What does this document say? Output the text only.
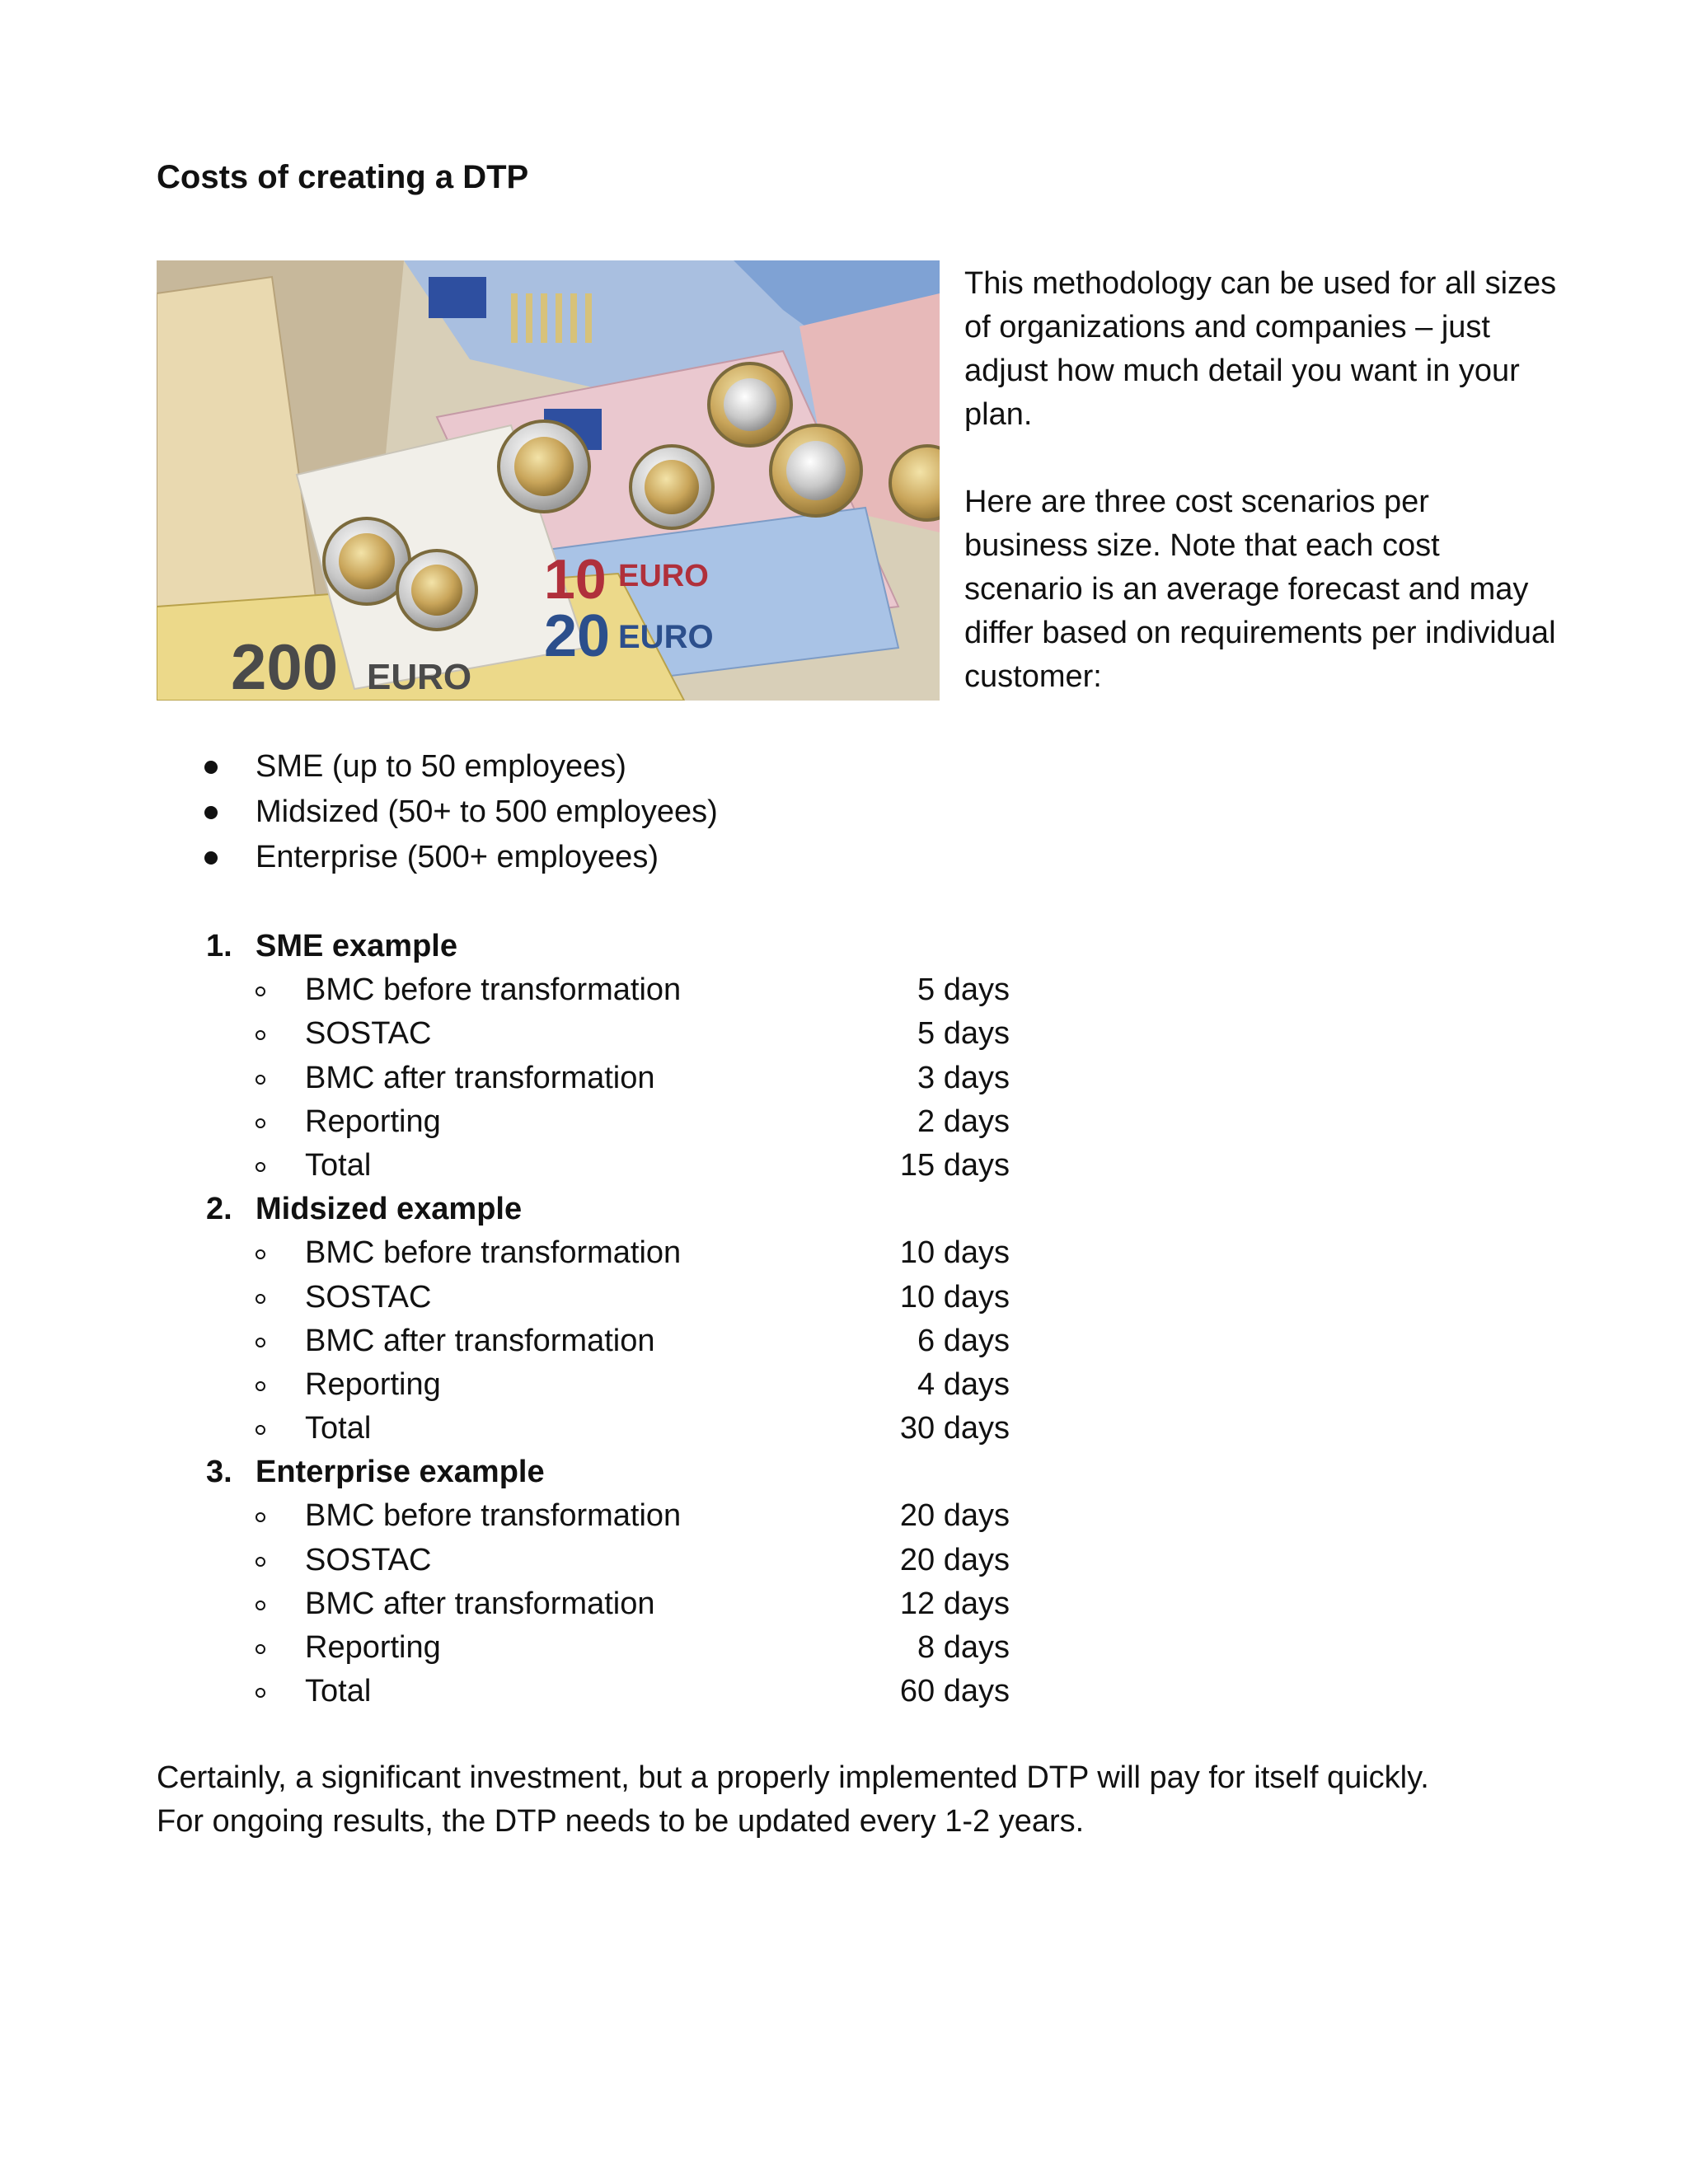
Costs of creating a DTP
200 EURO
20 EURO
10 EURO

This methodology can be used for all sizes of organizations and companies – just adjust how much detail you want in your plan.

Here are three cost scenarios per business size. Note that each cost scenario is an average forecast and may differ based on requirements per individual customer:

SME (up to 50 employees)
Midsized (50+ to 500 employees)
Enterprise (500+ employees)
1. SME example
BMC before transformation	5 days
SOSTAC	5 days
BMC after transformation	3 days
Reporting	2 days
Total	15 days
2. Midsized example
BMC before transformation	10 days
SOSTAC	10 days
BMC after transformation	6 days
Reporting	4 days
Total	30 days
3. Enterprise example
BMC before transformation	20 days
SOSTAC	20 days
BMC after transformation	12 days
Reporting	8 days
Total	60 days

Certainly, a significant investment, but a properly implemented DTP will pay for itself quickly.

For ongoing results, the DTP needs to be updated every 1-2 years.
